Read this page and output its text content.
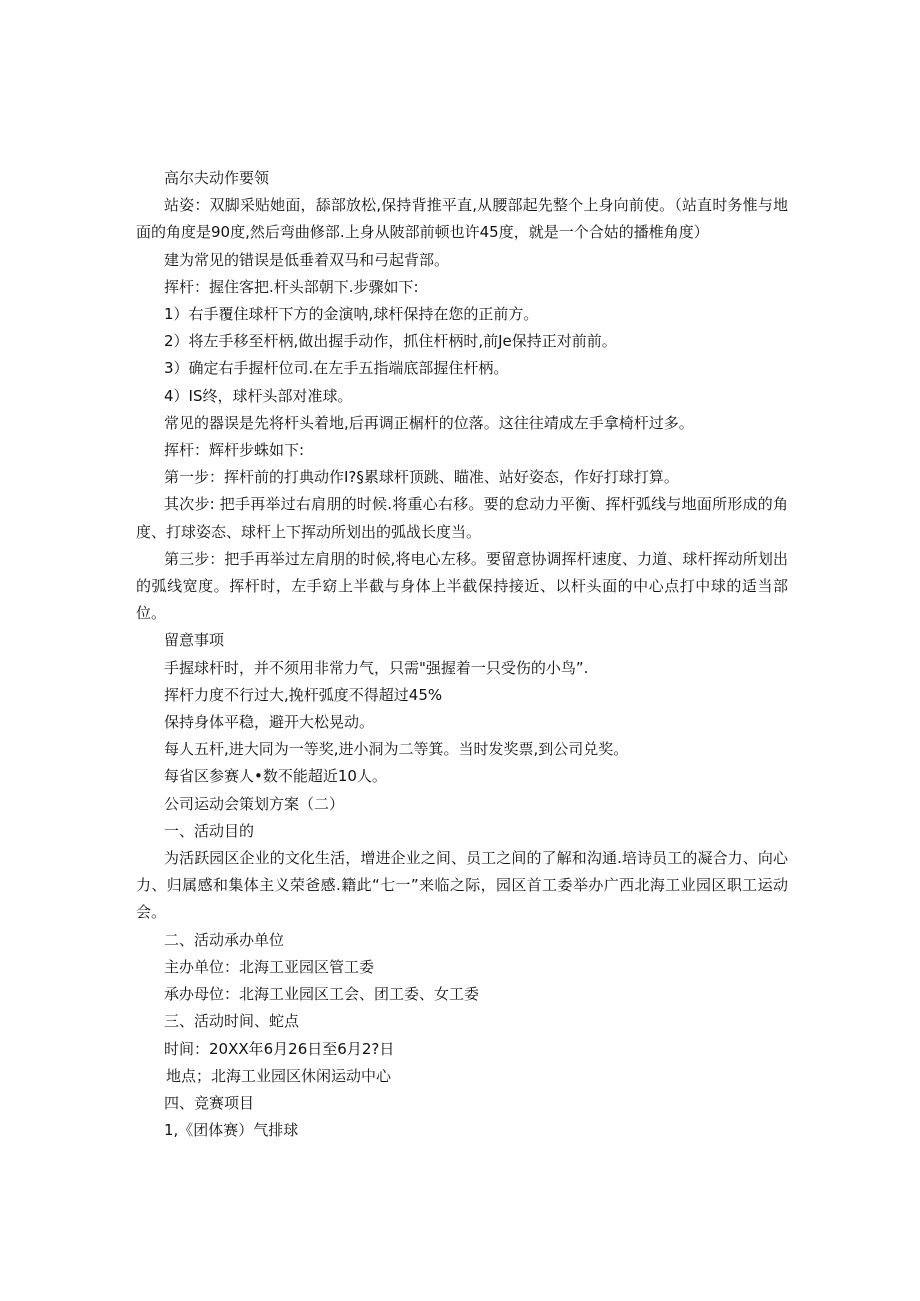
高尔夫动作要领

站姿：双脚采贴她面，舔部放松,保持背推平直,从腰部起先整个上身向前使。（站直时务惟与地面的角度是90度,然后弯曲修部.上身从陂部前顿也许45度，就是一个合姑的播椎角度）

建为常见的错误是低垂着双马和弓起背部。

挥杆：握住客把.杆头部朝下.步骤如下:

1）右手覆住球杆下方的金演呐,球杆保持在您的正前方。

2）将左手移至杆柄,做出握手动作，抓住杆柄时,前Je保持正对前前。

3）确定右手握杆位司.在左手五指端底部握住杆柄。

4）IS终，球杆头部对准球。

常见的器误是先将杆头着地,后再调正榍杆的位落。这往往靖成左手拿椅杆过多。

挥杆：辉杆步蛛如下:

第一步：挥杆前的打典动作I?§累球杆顶跳、瞄准、站好姿态，作好打球打算。

其次步: 把手再举过右肩朋的时候.将重心右移。要的怠动力平衡、挥杆弧线与地面所形成的角度、打球姿态、球杆上下挥动所划出的弧战长度当。

第三步：把手再举过左肩朋的时候,将电心左移。要留意协调挥杆速度、力道、球杆挥动所划出的弧线宽度。挥杆时，左手窈上半截与身体上半截保持接近、以杆头面的中心点打中球的适当部位。

留意事项

手握球杆时，并不须用非常力气，只需"强握着一只受伤的小鸟”.

挥杆力度不行过大,挽杆弧度不得超过45%

保持身体平稳，避开大松晃动。

每人五杆,进大同为一等奖,进小洞为二等箕。当时发奖票,到公司兑奖。

每省区参赛人•数不能超近10人。

公司运动会策划方案（二）

一、活动目的

为活跃园区企业的文化生活，增进企业之间、员工之间的了解和沟通.培诗员工的凝合力、向心力、归属感和集体主义荣爸感.籍此“七一”来临之际，园区首工委举办广西北海工业园区职工运动会。

二、活动承办单位

主办单位：北海工亚园区管工委

承办母位：北海工业园区工会、团工委、女工委

三、活动时间、蛇点

时间：20XX年6月26日至6月2?日

地点；北海工业园区休闲运动中心

四、竞赛项目

1,《团体赛）气排球
